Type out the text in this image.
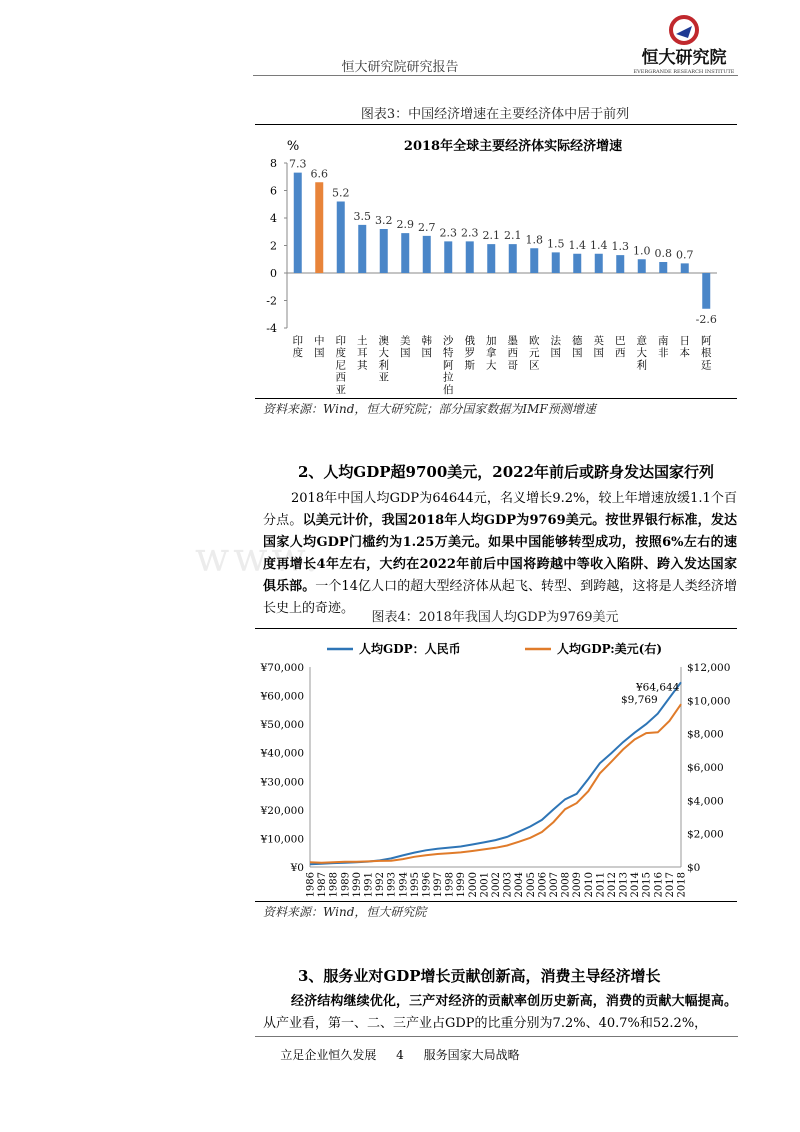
恒大研究院研究报告	恒大研究院
EVERGRANDE RESEARCH INSTITUTE
www.
图表3：中国经济增速在主要经济体中居于前列
2018年全球主要经济体实际经济增速
%
-4
-2
0
2
4
6
8 7.3
6.6
5.2
3.5 3.2 2.9 2.7 2.3 2.3 2.1 2.1 1.8 1.5 1.4 1.4 1.3 1.0 0.8 0.7
-2.6
印度
中国
印度尼西亚
土耳其
澳大利亚
美国
韩国
沙特阿拉伯
俄罗斯
加拿大
墨西哥
欧元区
法国
德国
英国
巴西
意大利
南非
日本
阿根廷
资料来源：Wind，恒大研究院；部分国家数据为IMF预测增速
2、人均GDP超9700美元，2022年前后或跻身发达国家行列
2018年中国人均GDP为64644元，名义增长9.2%，较上年增速放缓1.1个百分点。以美元计价，我国2018年人均GDP为9769美元。按世界银行标准，发达国家人均GDP门槛约为1.25万美元。如果中国能够转型成功，按照6%左右的速度再增长4年左右，大约在2022年前后中国将跨越中等收入陷阱、跨入发达国家俱乐部。一个14亿人口的超大型经济体从起飞、转型、到跨越，这将是人类经济增长史上的奇迹。
图表4：2018年我国人均GDP为9769美元
人均GDP：人民币	人均GDP:美元(右)
¥0
¥10,000
¥20,000
¥30,000
¥40,000
¥50,000
¥60,000
¥70,000
$0
$2,000
$4,000
$6,000
$8,000
$10,000
$12,000
1986 1987 1988 1989 1990 1991 1992 1993 1994 1995 1996 1997 1998 1999 2000 2001 2002 2003 2004 2005 2006 2007 2008 2009 2010 2011 2012 2013 2014 2015 2016 2017 2018
¥64,644
$9,769
资料来源：Wind，恒大研究院
3、服务业对GDP增长贡献创新高，消费主导经济增长
经济结构继续优化，三产对经济的贡献率创历史新高，消费的贡献大幅提高。从产业看，第一、二、三产业占GDP的比重分别为7.2%、40.7%和52.2%，
立足企业恒久发展 4 服务国家大局战略
